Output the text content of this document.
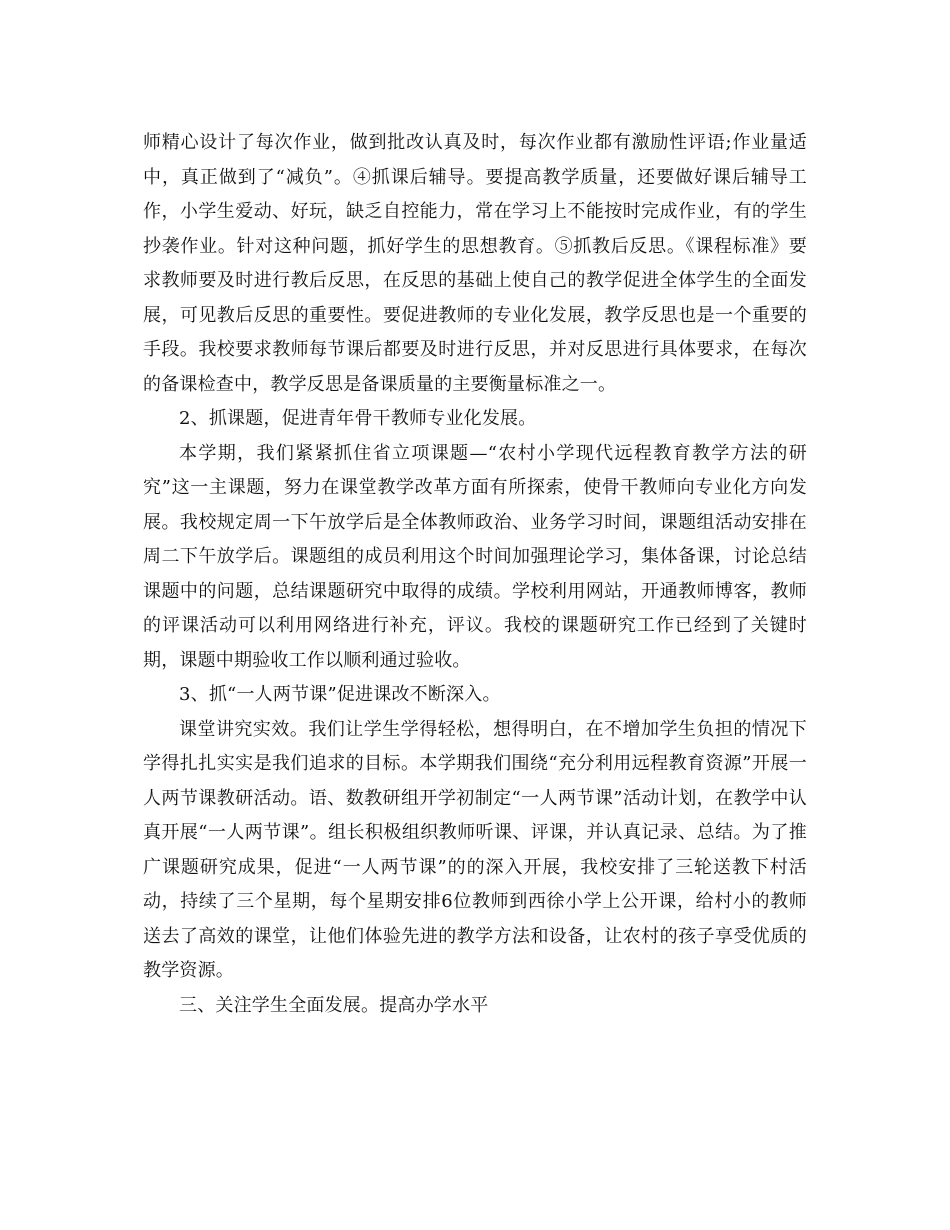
师精心设计了每次作业，做到批改认真及时，每次作业都有激励性评语;作业量适中，真正做到了“减负”。④抓课后辅导。要提高教学质量，还要做好课后辅导工作，小学生爱动、好玩，缺乏自控能力，常在学习上不能按时完成作业，有的学生抄袭作业。针对这种问题，抓好学生的思想教育。⑤抓教后反思。《课程标准》要求教师要及时进行教后反思，在反思的基础上使自己的教学促进全体学生的全面发展，可见教后反思的重要性。要促进教师的专业化发展，教学反思也是一个重要的手段。我校要求教师每节课后都要及时进行反思，并对反思进行具体要求，在每次的备课检查中，教学反思是备课质量的主要衡量标准之一。

2、抓课题，促进青年骨干教师专业化发展。

本学期，我们紧紧抓住省立项课题—“农村小学现代远程教育教学方法的研究”这一主课题，努力在课堂教学改革方面有所探索，使骨干教师向专业化方向发展。我校规定周一下午放学后是全体教师政治、业务学习时间，课题组活动安排在周二下午放学后。课题组的成员利用这个时间加强理论学习，集体备课，讨论总结课题中的问题，总结课题研究中取得的成绩。学校利用网站，开通教师博客，教师的评课活动可以利用网络进行补充，评议。我校的课题研究工作已经到了关键时期，课题中期验收工作以顺利通过验收。

3、抓“一人两节课”促进课改不断深入。

课堂讲究实效。我们让学生学得轻松，想得明白，在不增加学生负担的情况下学得扎扎实实是我们追求的目标。本学期我们围绕“充分利用远程教育资源”开展一人两节课教研活动。语、数教研组开学初制定“一人两节课”活动计划，在教学中认真开展“一人两节课”。组长积极组织教师听课、评课，并认真记录、总结。为了推广课题研究成果，促进“一人两节课”的的深入开展，我校安排了三轮送教下村活动，持续了三个星期，每个星期安排6位教师到西徐小学上公开课，给村小的教师送去了高效的课堂，让他们体验先进的教学方法和设备，让农村的孩子享受优质的教学资源。

三、关注学生全面发展。提高办学水平
